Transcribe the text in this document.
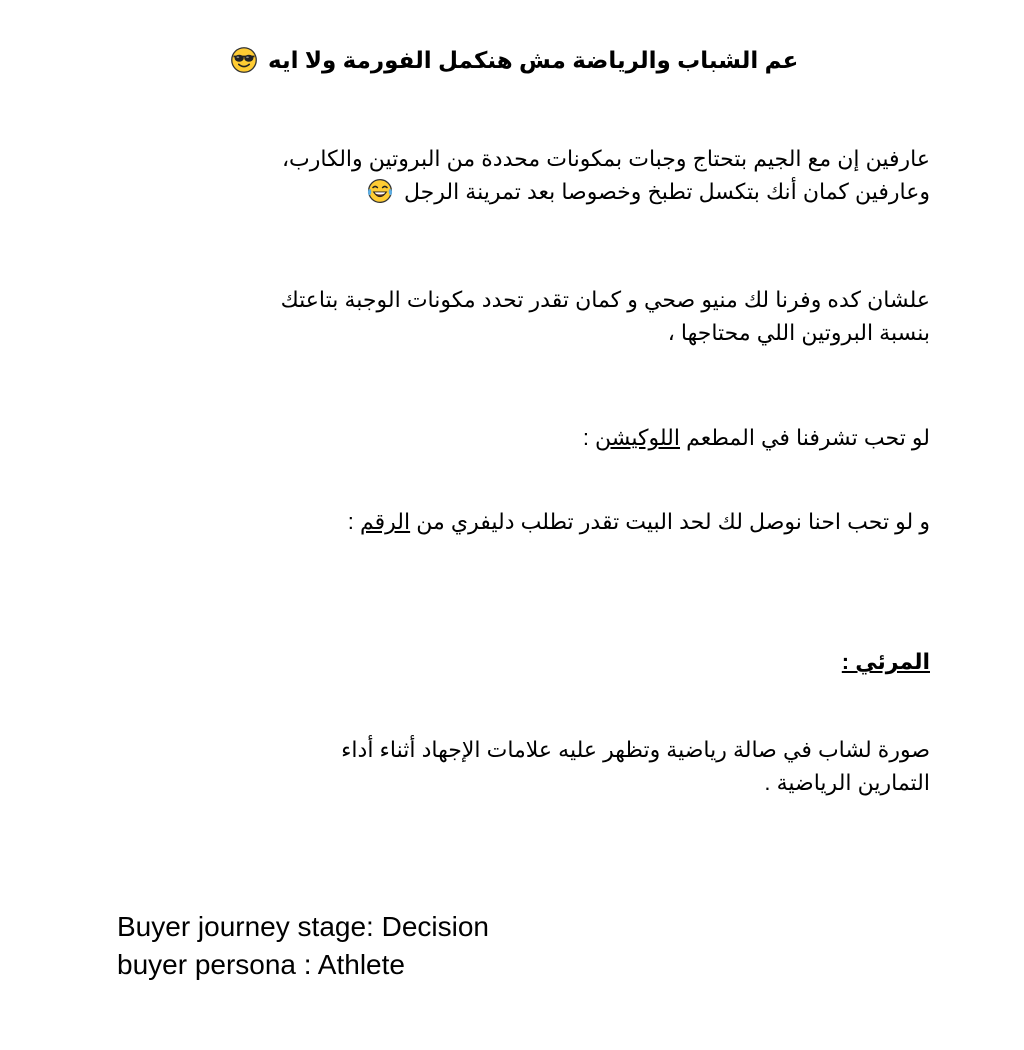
عم الشباب والرياضة مش هنكمل الفورمة ولا ايه
عارفين إن مع الجيم بتحتاج وجبات بمكونات محددة من البروتين والكارب،
وعارفين كمان أنك بتكسل تطبخ وخصوصا بعد تمرينة الرجل
علشان كده وفرنا لك منيو صحي و كمان تقدر تحدد مكونات الوجبة بتاعتك
بنسبة البروتين اللي محتاجها ،
لو تحب تشرفنا في المطعم اللوكيشن :
و لو تحب احنا نوصل لك لحد البيت تقدر تطلب دليفري من الرقم :
المرئي :
صورة لشاب في صالة رياضية وتظهر عليه علامات الإجهاد أثناء أداء
التمارين الرياضية .
Buyer journey stage: Decision
buyer persona : Athlete
